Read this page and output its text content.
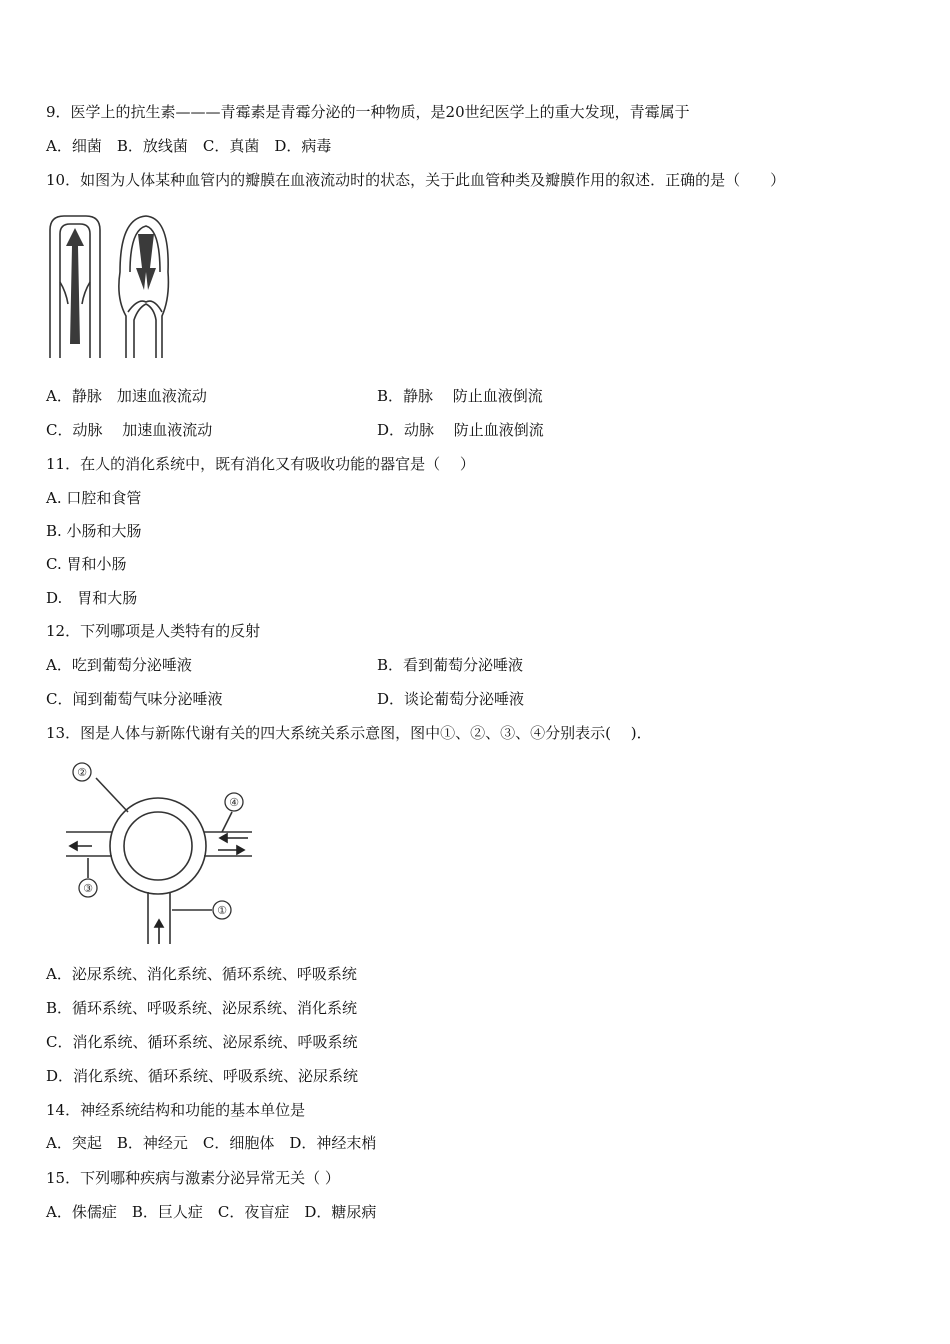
9．医学上的抗生素———青霉素是青霉分泌的一种物质，是20世纪医学上的重大发现，青霉属于
A．细菌　B．放线菌　C．真菌　D．病毒
10．如图为人体某种血管内的瓣膜在血液流动时的状态，关于此血管种类及瓣膜作用的叙述．正确的是（　　）
A．静脉　加速血液流动	B．静脉　 防止血液倒流
C．动脉　 加速血液流动	D．动脉　 防止血液倒流
11．在人的消化系统中，既有消化又有吸收功能的器官是（　 ）
A. 口腔和食管
B. 小肠和大肠
C. 胃和小肠
D.　胃和大肠
12．下列哪项是人类特有的反射
A．吃到葡萄分泌唾液	B．看到葡萄分泌唾液
C．闻到葡萄气味分泌唾液	D．谈论葡萄分泌唾液
13．图是人体与新陈代谢有关的四大系统关系示意图，图中①、②、③、④分别表示(　 )．
②
④
③
①
A．泌尿系统、消化系统、循环系统、呼吸系统
B．循环系统、呼吸系统、泌尿系统、消化系统
C．消化系统、循环系统、泌尿系统、呼吸系统
D．消化系统、循环系统、呼吸系统、泌尿系统
14．神经系统结构和功能的基本单位是
A．突起　B．神经元　C．细胞体　D．神经末梢
15．下列哪种疾病与激素分泌异常无关（ ）
A．侏儒症　B．巨人症　C．夜盲症　D．糖尿病
